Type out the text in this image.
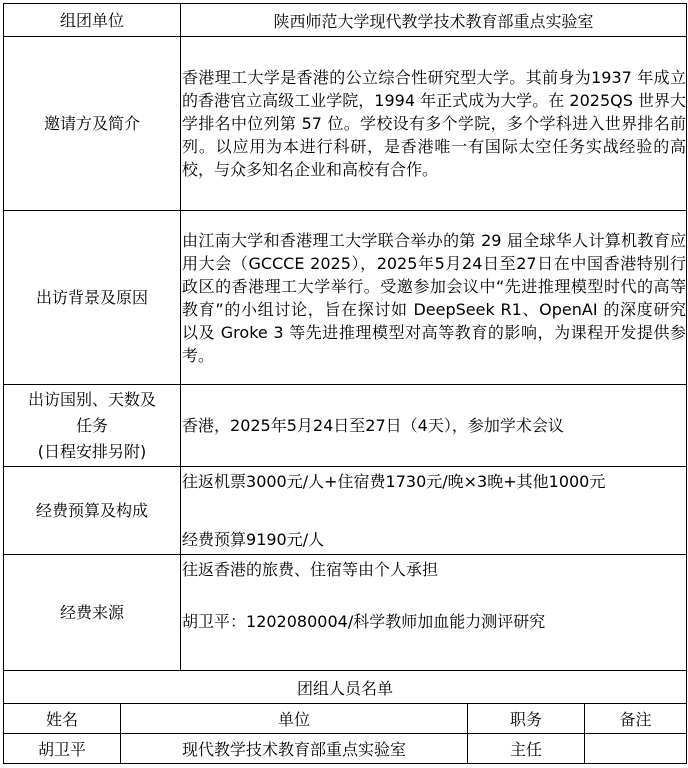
组团单位		陕西师范大学现代教学技术教育部重点实验室		
邀请方及简介		香港理工大学是香港的公立综合性研究型大学。其前身为1937 年成立的香港官立高级工业学院，1994 年正式成为大学。在 2025QS 世界大学排名中位列第 57 位。学校设有多个学院，多个学科进入世界排名前列。以应用为本进行科研，是香港唯一有国际太空任务实战经验的高校，与众多知名企业和高校有合作。		
出访背景及原因		由江南大学和香港理工大学联合举办的第 29 届全球华人计算机教育应用大会（GCCCE 2025），2025年5月24日至27日在中国香港特别行政区的香港理工大学举行。受邀参加会议中“先进推理模型时代的高等教育”的小组讨论，旨在探讨如 DeepSeek R1、OpenAI 的深度研究以及 Groke 3 等先进推理模型对高等教育的影响，为课程开发提供参考。		

出访国别、天数及
任务
(日程安排另附)		香港，2025年5月24日至27日（4天），参加学术会议		
经费预算及构成		往返机票3000元/人+住宿费1730元/晚×3晚+其他1000元
经费预算9190元/人		

经费来源		往返香港的旅费、住宿等由个人承担
胡卫平：1202080004/科学教师加血能力测评研究		

团组人员名单				
姓名	单位		职务	备注
胡卫平	现代教学技术教育部重点实验室		主任	
